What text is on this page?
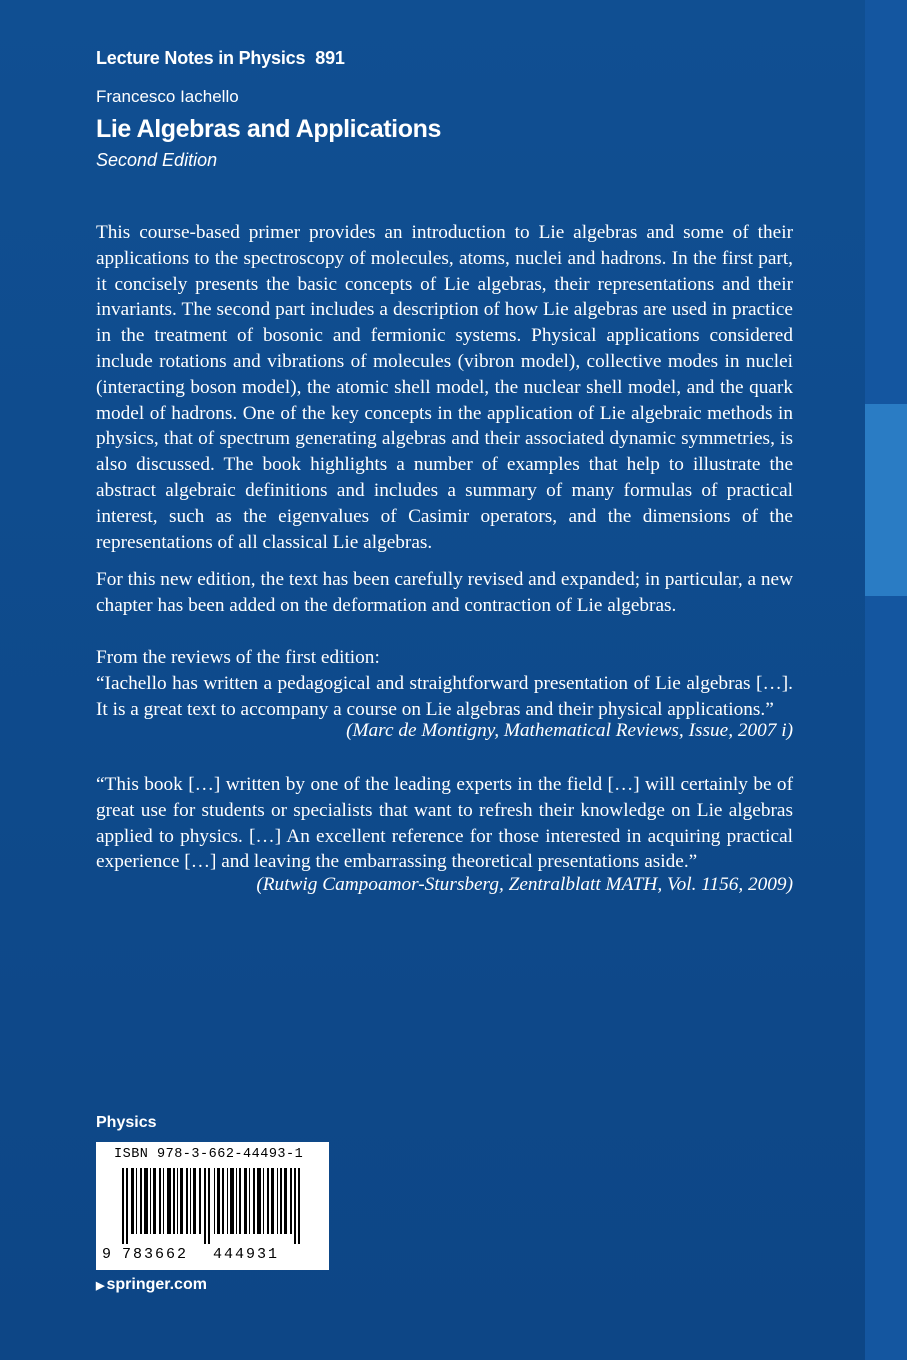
Lecture Notes in Physics 891
Francesco Iachello
Lie Algebras and Applications
Second Edition
This course-based primer provides an introduction to Lie algebras and some of their applications to the spectroscopy of molecules, atoms, nuclei and hadrons. In the first part, it concisely presents the basic concepts of Lie algebras, their representations and their invariants. The second part includes a description of how Lie algebras are used in practice in the treatment of bosonic and fermionic systems. Physical applications considered include rotations and vibrations of molecules (vibron model), collective modes in nuclei (interacting boson model), the atomic shell model, the nuclear shell model, and the quark model of hadrons. One of the key concepts in the application of Lie algebraic methods in physics, that of spectrum generating algebras and their associated dynamic symmetries, is also discussed. The book highlights a number of examples that help to illustrate the abstract algebraic definitions and includes a summary of many formulas of practical interest, such as the eigenvalues of Casimir operators, and the dimensions of the representations of all classical Lie algebras.
For this new edition, the text has been carefully revised and expanded; in particular, a new chapter has been added on the deformation and contraction of Lie algebras.
From the reviews of the first edition:
“Iachello has written a pedagogical and straightforward presentation of Lie algebras […]. It is a great text to accompany a course on Lie algebras and their physical applications.”
(Marc de Montigny, Mathematical Reviews, Issue, 2007 i)
“This book […] written by one of the leading experts in the field […] will certainly be of great use for students or specialists that want to refresh their knowledge on Lie algebras applied to physics. […] An excellent reference for those interested in acquiring practical experience […] and leaving the embarrassing theoretical presentations aside.”
(Rutwig Campoamor-Stursberg, Zentralblatt MATH, Vol. 1156, 2009)
Physics
ISBN 978-3-662-44493-1
9 783662	444931
▶ springer.com
